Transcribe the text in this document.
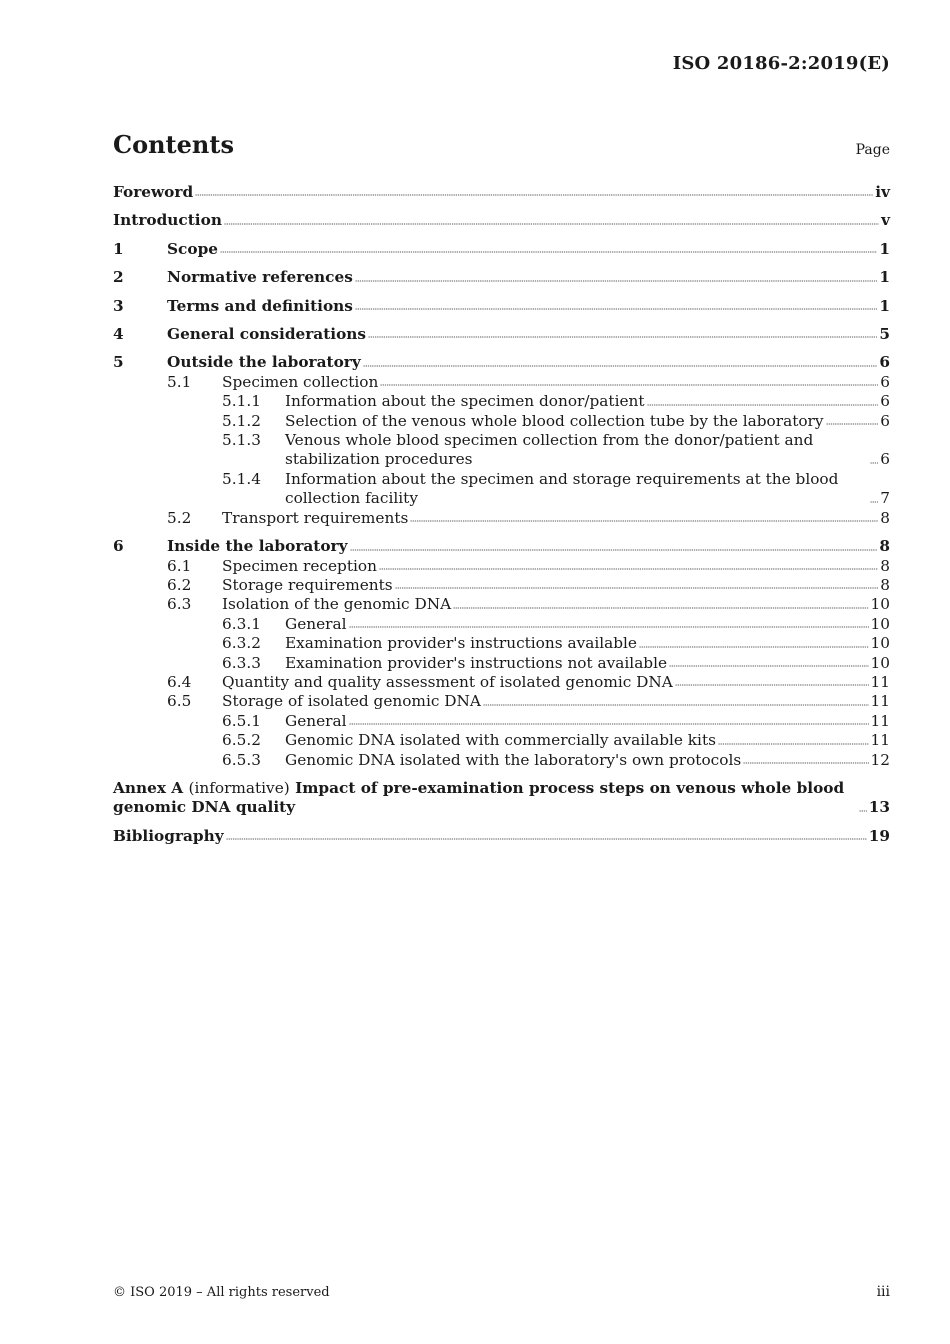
ISO 20186-2:2019(E)
Contents	Page
Foreword	iv
Introduction	v
1	Scope	1
2	Normative references	1
3	Terms and definitions	1
4	General considerations	5
5	Outside the laboratory	6
5.1 Specimen collection	6
5.1.1 Information about the specimen donor/patient	6
5.1.2 Selection of the venous whole blood collection tube by the laboratory	6
5.1.3 Venous whole blood specimen collection from the donor/patient and stabilization procedures	6
5.1.4 Information about the specimen and storage requirements at the blood collection facility	7
5.2 Transport requirements	8
6	Inside the laboratory	8
6.1 Specimen reception	8
6.2 Storage requirements	8
6.3 Isolation of the genomic DNA	10
6.3.1 General	10
6.3.2 Examination provider's instructions available	10
6.3.3 Examination provider's instructions not available	10
6.4 Quantity and quality assessment of isolated genomic DNA	11
6.5 Storage of isolated genomic DNA	11
6.5.1 General	11
6.5.2 Genomic DNA isolated with commercially available kits	11
6.5.3 Genomic DNA isolated with the laboratory's own protocols	12
Annex A (informative) Impact of pre-examination process steps on venous whole blood genomic DNA quality	13
Bibliography	19
© ISO 2019 – All rights reserved	iii
